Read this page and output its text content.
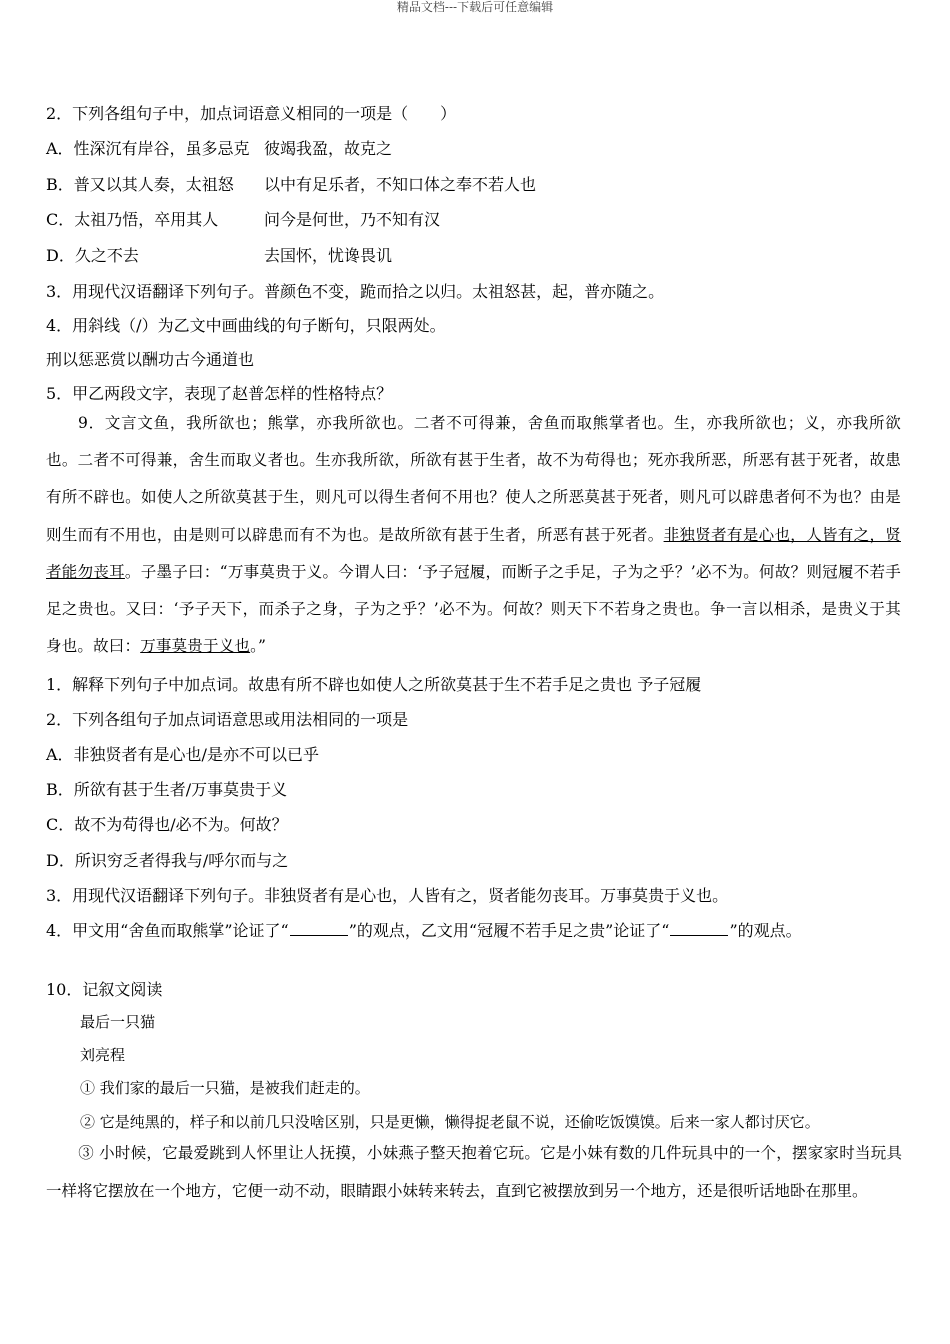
精品文档---下载后可任意编辑
2．下列各组句子中，加点词语意义相同的一项是（　　）
A．性深沉有岸谷，虽多忌克 彼竭我盈，故克之
B．普又以其人奏，太祖怒 以中有足乐者，不知口体之奉不若人也
C．太祖乃悟，卒用其人	问今是何世，乃不知有汉
D．久之不去	去国怀，忧谗畏讥
3．用现代汉语翻译下列句子。普颜色不变，跪而拾之以归。太祖怒甚，起，普亦随之。
4．用斜线（/）为乙文中画曲线的句子断句，只限两处。
刑以惩恶赏以酬功古今通道也
5．甲乙两段文字，表现了赵普怎样的性格特点？
9．文言文鱼，我所欲也；熊掌，亦我所欲也。二者不可得兼，舍鱼而取熊掌者也。生，亦我所欲也；义，亦我所欲也。二者不可得兼，舍生而取义者也。生亦我所欲，所欲有甚于生者，故不为苟得也；死亦我所恶，所恶有甚于死者，故患有所不辟也。如使人之所欲莫甚于生，则凡可以得生者何不用也？使人之所恶莫甚于死者，则凡可以辟患者何不为也？由是则生而有不用也，由是则可以辟患而有不为也。是故所欲有甚于生者，所恶有甚于死者。非独贤者有是心也，人皆有之，贤者能勿丧耳。子墨子曰：“万事莫贵于义。今谓人曰：‘予子冠履，而断子之手足，子为之乎？’必不为。何故？则冠履不若手足之贵也。又曰：‘予子天下，而杀子之身，子为之乎？’必不为。何故？则天下不若身之贵也。争一言以相杀，是贵义于其身也。故曰：万事莫贵于义也。”
1．解释下列句子中加点词。故患有所不辟也如使人之所欲莫甚于生不若手足之贵也 予子冠履
2．下列各组句子加点词语意思或用法相同的一项是
A．非独贤者有是心也/是亦不可以已乎
B．所欲有甚于生者/万事莫贵于义
C．故不为苟得也/必不为。何故？
D．所识穷乏者得我与/呼尔而与之
3．用现代汉语翻译下列句子。非独贤者有是心也，人皆有之，贤者能勿丧耳。万事莫贵于义也。
4．甲文用“舍鱼而取熊掌”论证了“	”的观点，乙文用“冠履不若手足之贵”论证了“	”的观点。
10．记叙文阅读
最后一只猫
刘亮程
① 我们家的最后一只猫，是被我们赶走的。
② 它是纯黑的，样子和以前几只没啥区别，只是更懒，懒得捉老鼠不说，还偷吃饭馍馍。后来一家人都讨厌它。
③ 小时候，它最爱跳到人怀里让人抚摸，小妹燕子整天抱着它玩。它是小妹有数的几件玩具中的一个，摆家家时当玩具一样将它摆放在一个地方，它便一动不动，眼睛跟小妹转来转去，直到它被摆放到另一个地方，还是很听话地卧在那里。
